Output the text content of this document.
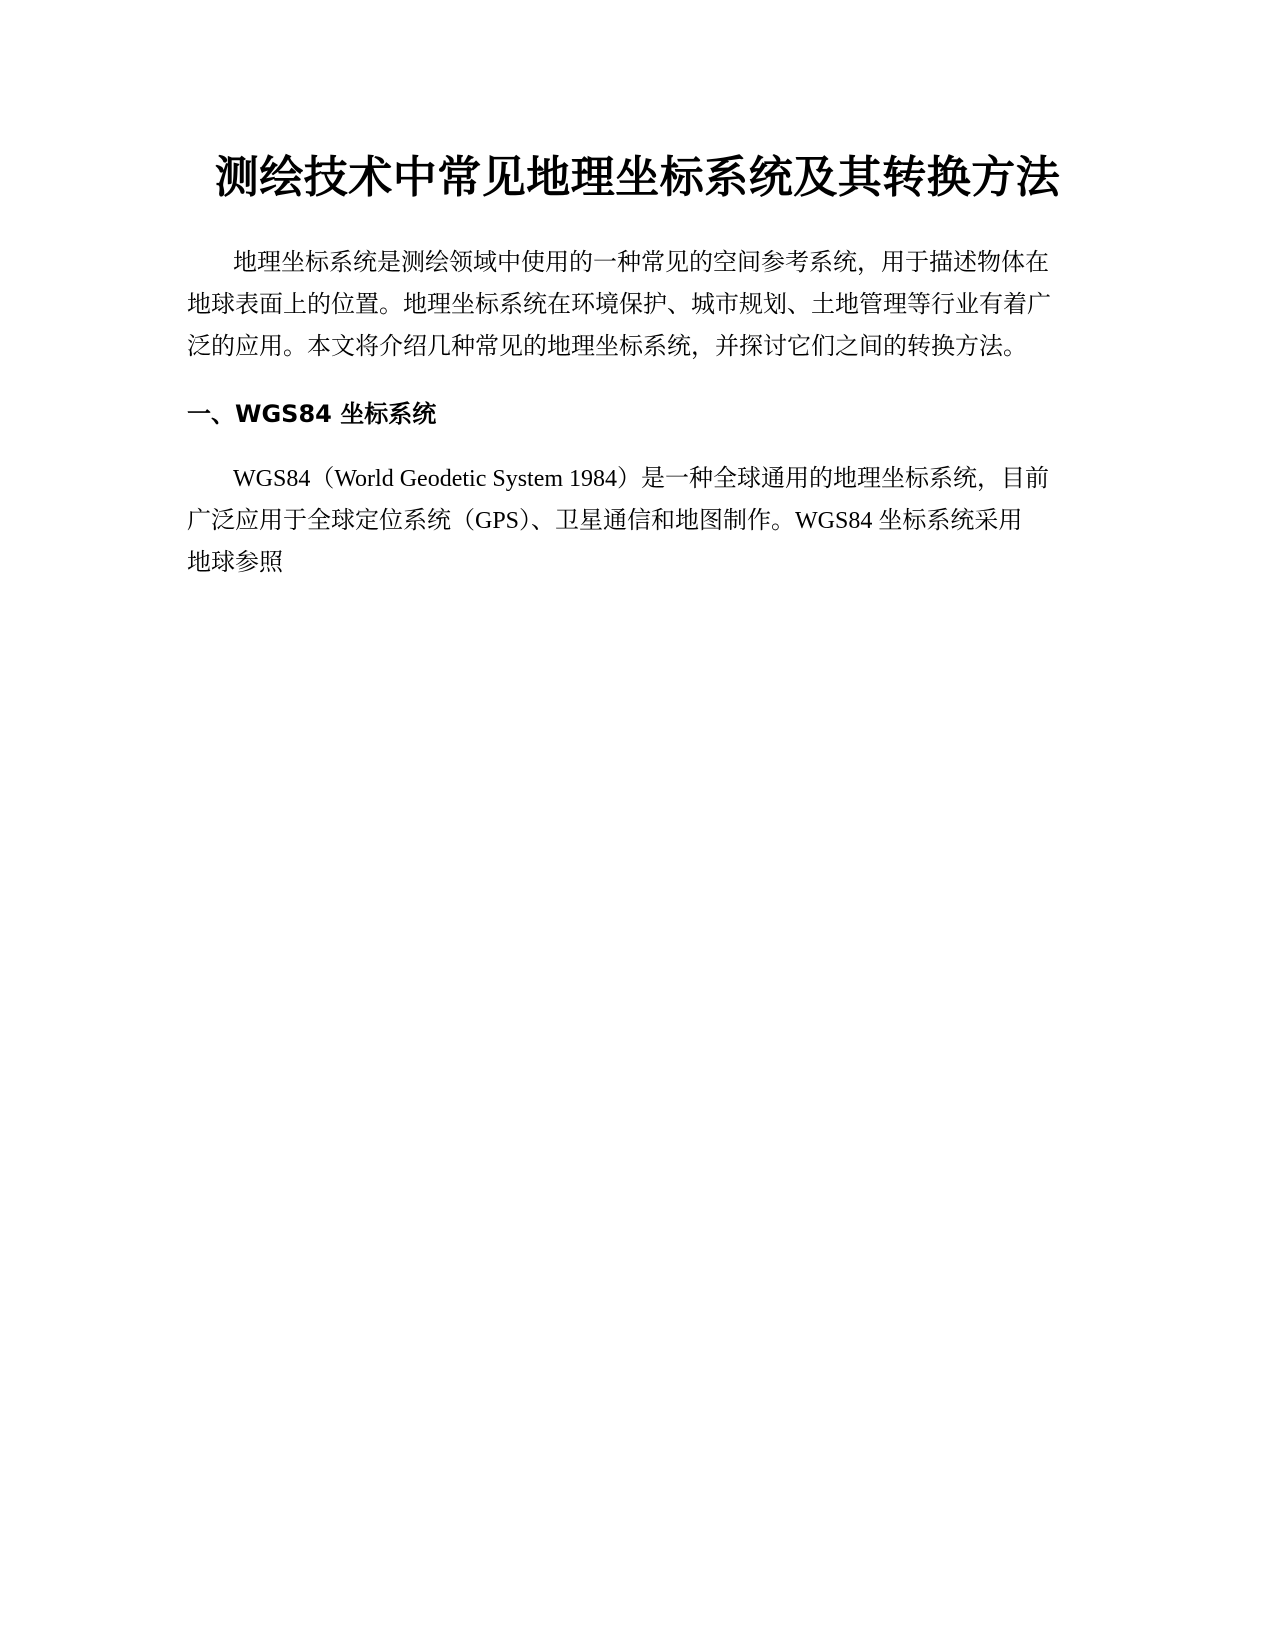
测绘技术中常见地理坐标系统及其转换方法
地理坐标系统是测绘领域中使用的一种常见的空间参考系统，用于描述物体在
地球表面上的位置。地理坐标系统在环境保护、城市规划、土地管理等行业有着广
泛的应用。本文将介绍几种常见的地理坐标系统，并探讨它们之间的转换方法。
一、WGS84 坐标系统
WGS84（World Geodetic System 1984）是一种全球通用的地理坐标系统，目前
广泛应用于全球定位系统（GPS）、卫星通信和地图制作。WGS84 坐标系统采用
地球参照
